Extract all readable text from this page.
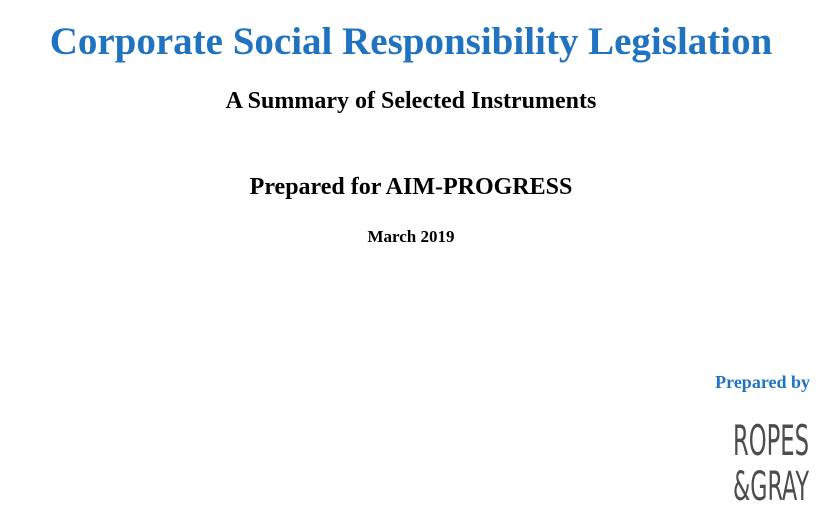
Corporate Social Responsibility Legislation
A Summary of Selected Instruments
Prepared for AIM-PROGRESS
March 2019
Prepared by
ROPES
&GRAY
